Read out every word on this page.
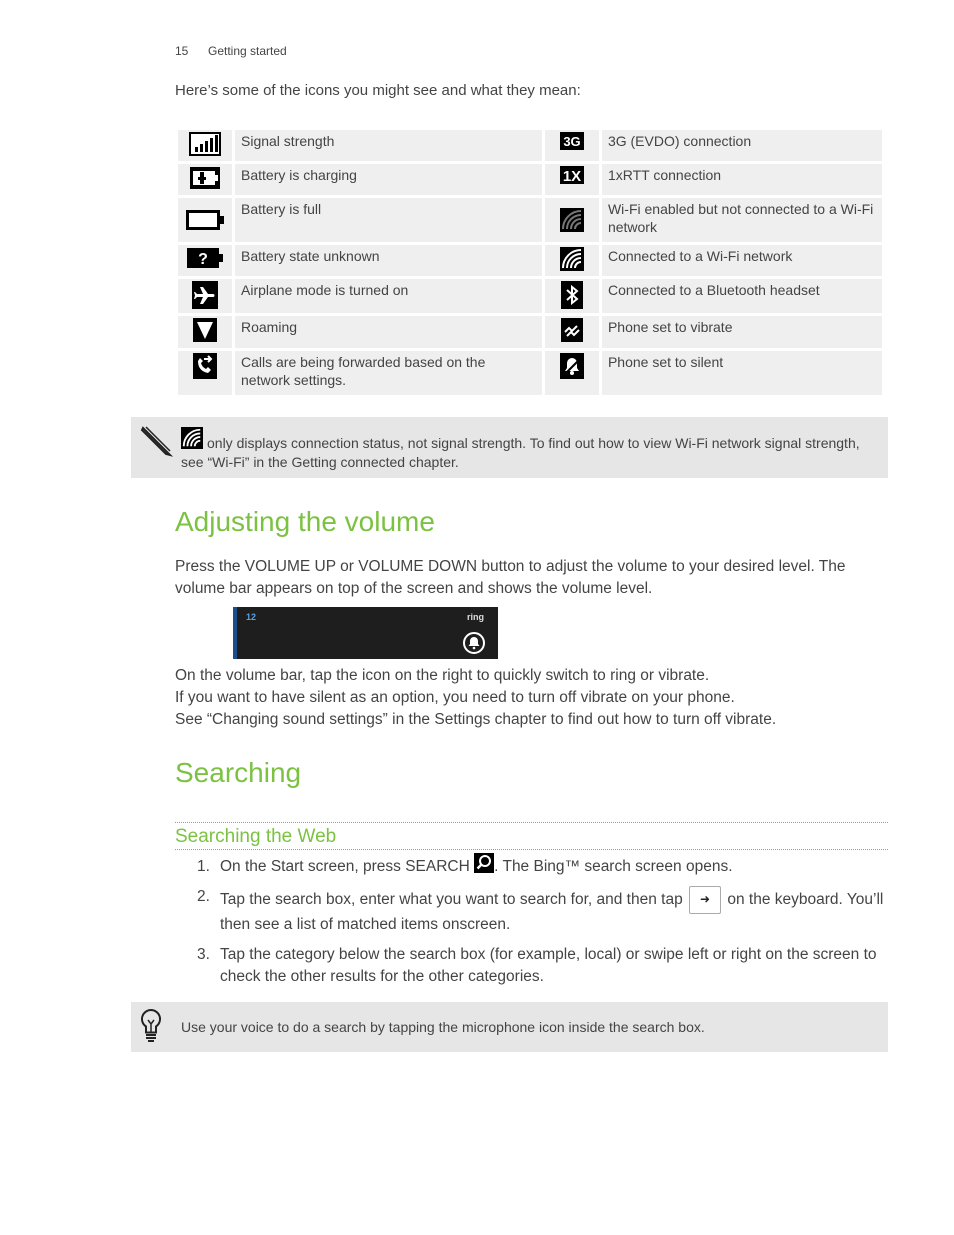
15 Getting started
Here’s some of the icons you might see and what they mean:
	Signal strength	3G	3G (EVDO) connection

	Battery is charging	1X	1xRTT connection

	Battery is full		Wi-Fi enabled but not connected to a Wi-Fi network

?	Battery state unknown		Connected to a Wi-Fi network

	Airplane mode is turned on		Connected to a Bluetooth headset

	Roaming		Phone set to vibrate

	Calls are being forwarded based on the network settings.		Phone set to silent
only displays connection status, not signal strength. To find out how to view Wi-Fi network signal strength, see “Wi-Fi” in the Getting connected chapter.
Adjusting the volume
Press the VOLUME UP or VOLUME DOWN button to adjust the volume to your desired level. The volume bar appears on top of the screen and shows the volume level.
12	ring
On the volume bar, tap the icon on the right to quickly switch to ring or vibrate.
If you want to have silent as an option, you need to turn off vibrate on your phone.
See “Changing sound settings” in the Settings chapter to find out how to turn off vibrate.
Searching
Searching the Web
1. On the Start screen, press SEARCH . The Bing™ search screen opens.
2. Tap the search box, enter what you want to search for, and then tap ➜ on the keyboard. You’ll then see a list of matched items onscreen.
3. Tap the category below the search box (for example, local) or swipe left or right on the screen to check the other results for the other categories.
Use your voice to do a search by tapping the microphone icon inside the search box.
